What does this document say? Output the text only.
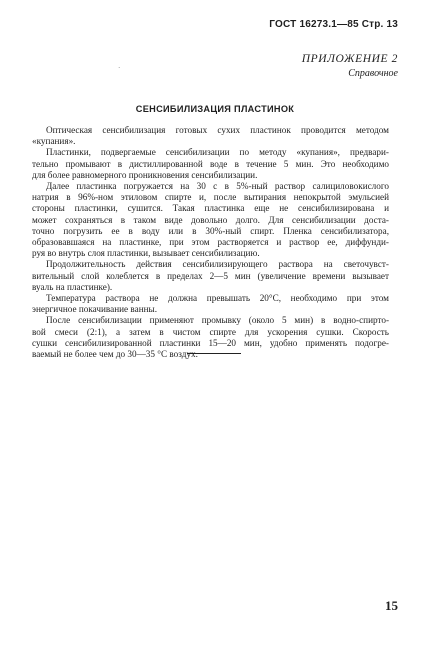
ГОСТ 16273.1—85 Стр. 13
·
ПРИЛОЖЕНИЕ 2
Справочное
СЕНСИБИЛИЗАЦИЯ ПЛАСТИНОК
Оптическая сенсибилизация готовых сухих пластинок проводится методом
«купания».
Пластинки, подвергаемые сенсибилизации по методу «купания», предвари-
тельно промывают в дистиллированной воде в течение 5 мин. Это необходимо
для более равномерного проникновения сенсибилизации.
Далее пластинка погружается на 30 с в 5%-ный раствор салициловокислого
натрия в 96%-ном этиловом спирте и, после вытирания непокрытой эмульсией
стороны пластинки, сушится. Такая пластинка еще не сенсибилизирована и
может сохраняться в таком виде довольно долго. Для сенсибилизации доста-
точно погрузить ее в воду или в 30%-ный спирт. Пленка сенсибилизатора,
образовавшаяся на пластинке, при этом растворяется и раствор ее, диффунди-
руя во внутрь слоя пластинки, вызывает сенсибилизацию.
Продолжительность действия сенсибилизирующего раствора на светочувст-
вительный слой колеблется в пределах 2—5 мин (увеличение времени вызывает
вуаль на пластинке).
Температура раствора не должна превышать 20°С, необходимо при этом
энергичное покачивание ванны.
После сенсибилизации применяют промывку (около 5 мин) в водно-спирто-
вой смеси (2:1), а затем в чистом спирте для ускорения сушки. Скорость
сушки сенсибилизированной пластинки 15—20 мин, удобно применять подогре-
ваемый не более чем до 30—35 °С воздух.
15
